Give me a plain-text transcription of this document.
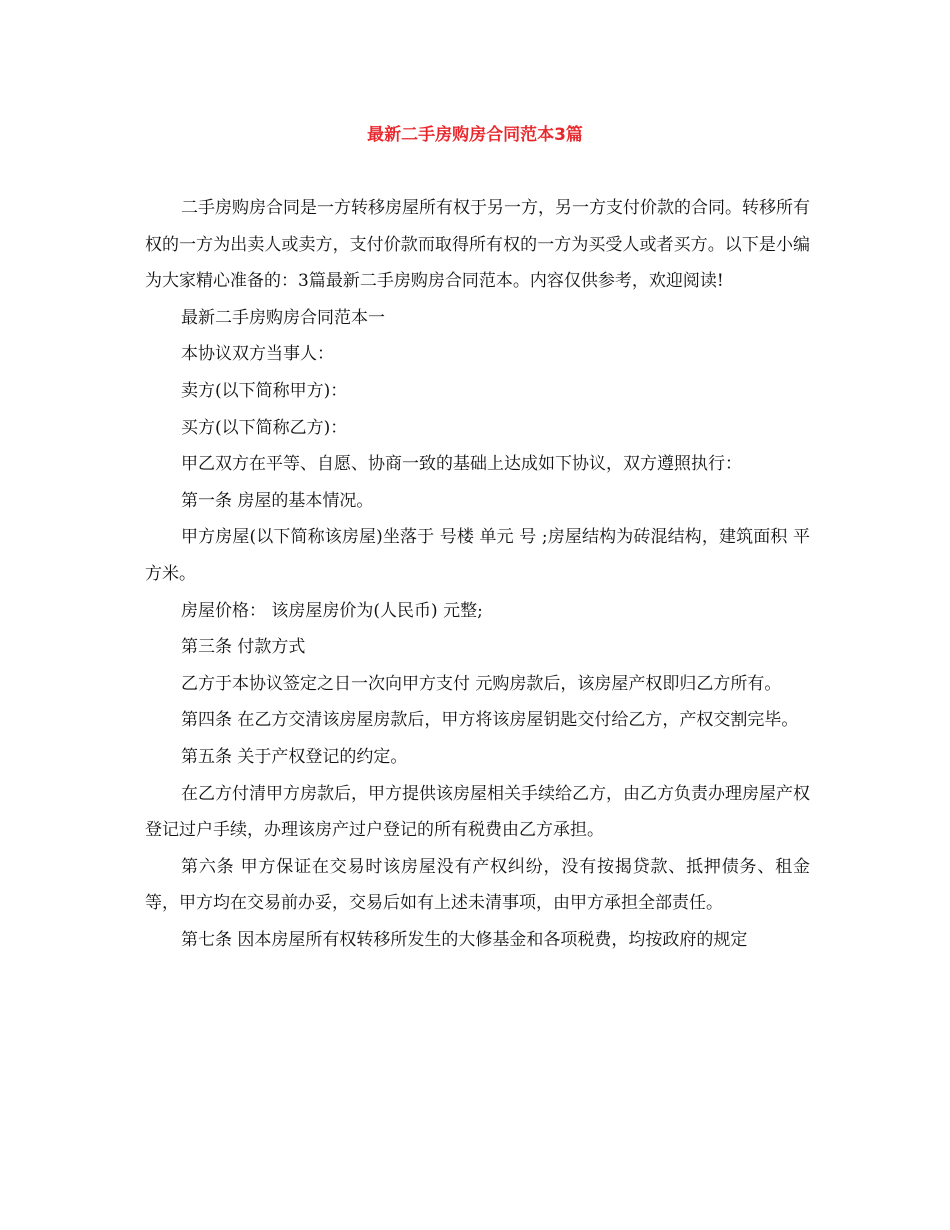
最新二手房购房合同范本3篇

二手房购房合同是一方转移房屋所有权于另一方，另一方支付价款的合同。转移所有权的一方为出卖人或卖方，支付价款而取得所有权的一方为买受人或者买方。以下是小编为大家精心准备的：3篇最新二手房购房合同范本。内容仅供参考，欢迎阅读!

最新二手房购房合同范本一

本协议双方当事人：

卖方(以下简称甲方)：

买方(以下简称乙方)：

甲乙双方在平等、自愿、协商一致的基础上达成如下协议，双方遵照执行：

第一条 房屋的基本情况。

甲方房屋(以下简称该房屋)坐落于 号楼 单元 号 ;房屋结构为砖混结构，建筑面积 平方米。

房屋价格： 该房屋房价为(人民币) 元整;

第三条 付款方式

乙方于本协议签定之日一次向甲方支付 元购房款后，该房屋产权即归乙方所有。

第四条 在乙方交清该房屋房款后，甲方将该房屋钥匙交付给乙方，产权交割完毕。

第五条 关于产权登记的约定。

在乙方付清甲方房款后，甲方提供该房屋相关手续给乙方，由乙方负责办理房屋产权登记过户手续，办理该房产过户登记的所有税费由乙方承担。

第六条 甲方保证在交易时该房屋没有产权纠纷，没有按揭贷款、抵押债务、租金等，甲方均在交易前办妥，交易后如有上述未清事项，由甲方承担全部责任。

第七条 因本房屋所有权转移所发生的大修基金和各项税费，均按政府的规定
